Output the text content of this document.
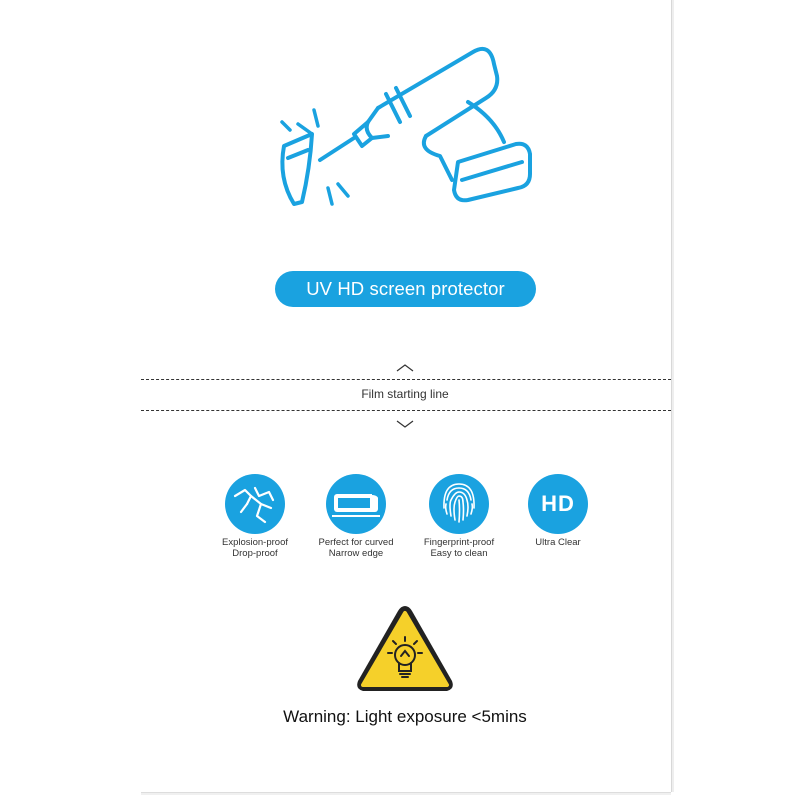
UV HD screen protector
Film starting line
Explosion-proof
Drop-proof
Perfect for curved
Narrow edge
Fingerprint-proof
Easy to clean
HD
Ultra Clear
Warning: Light exposure <5mins
